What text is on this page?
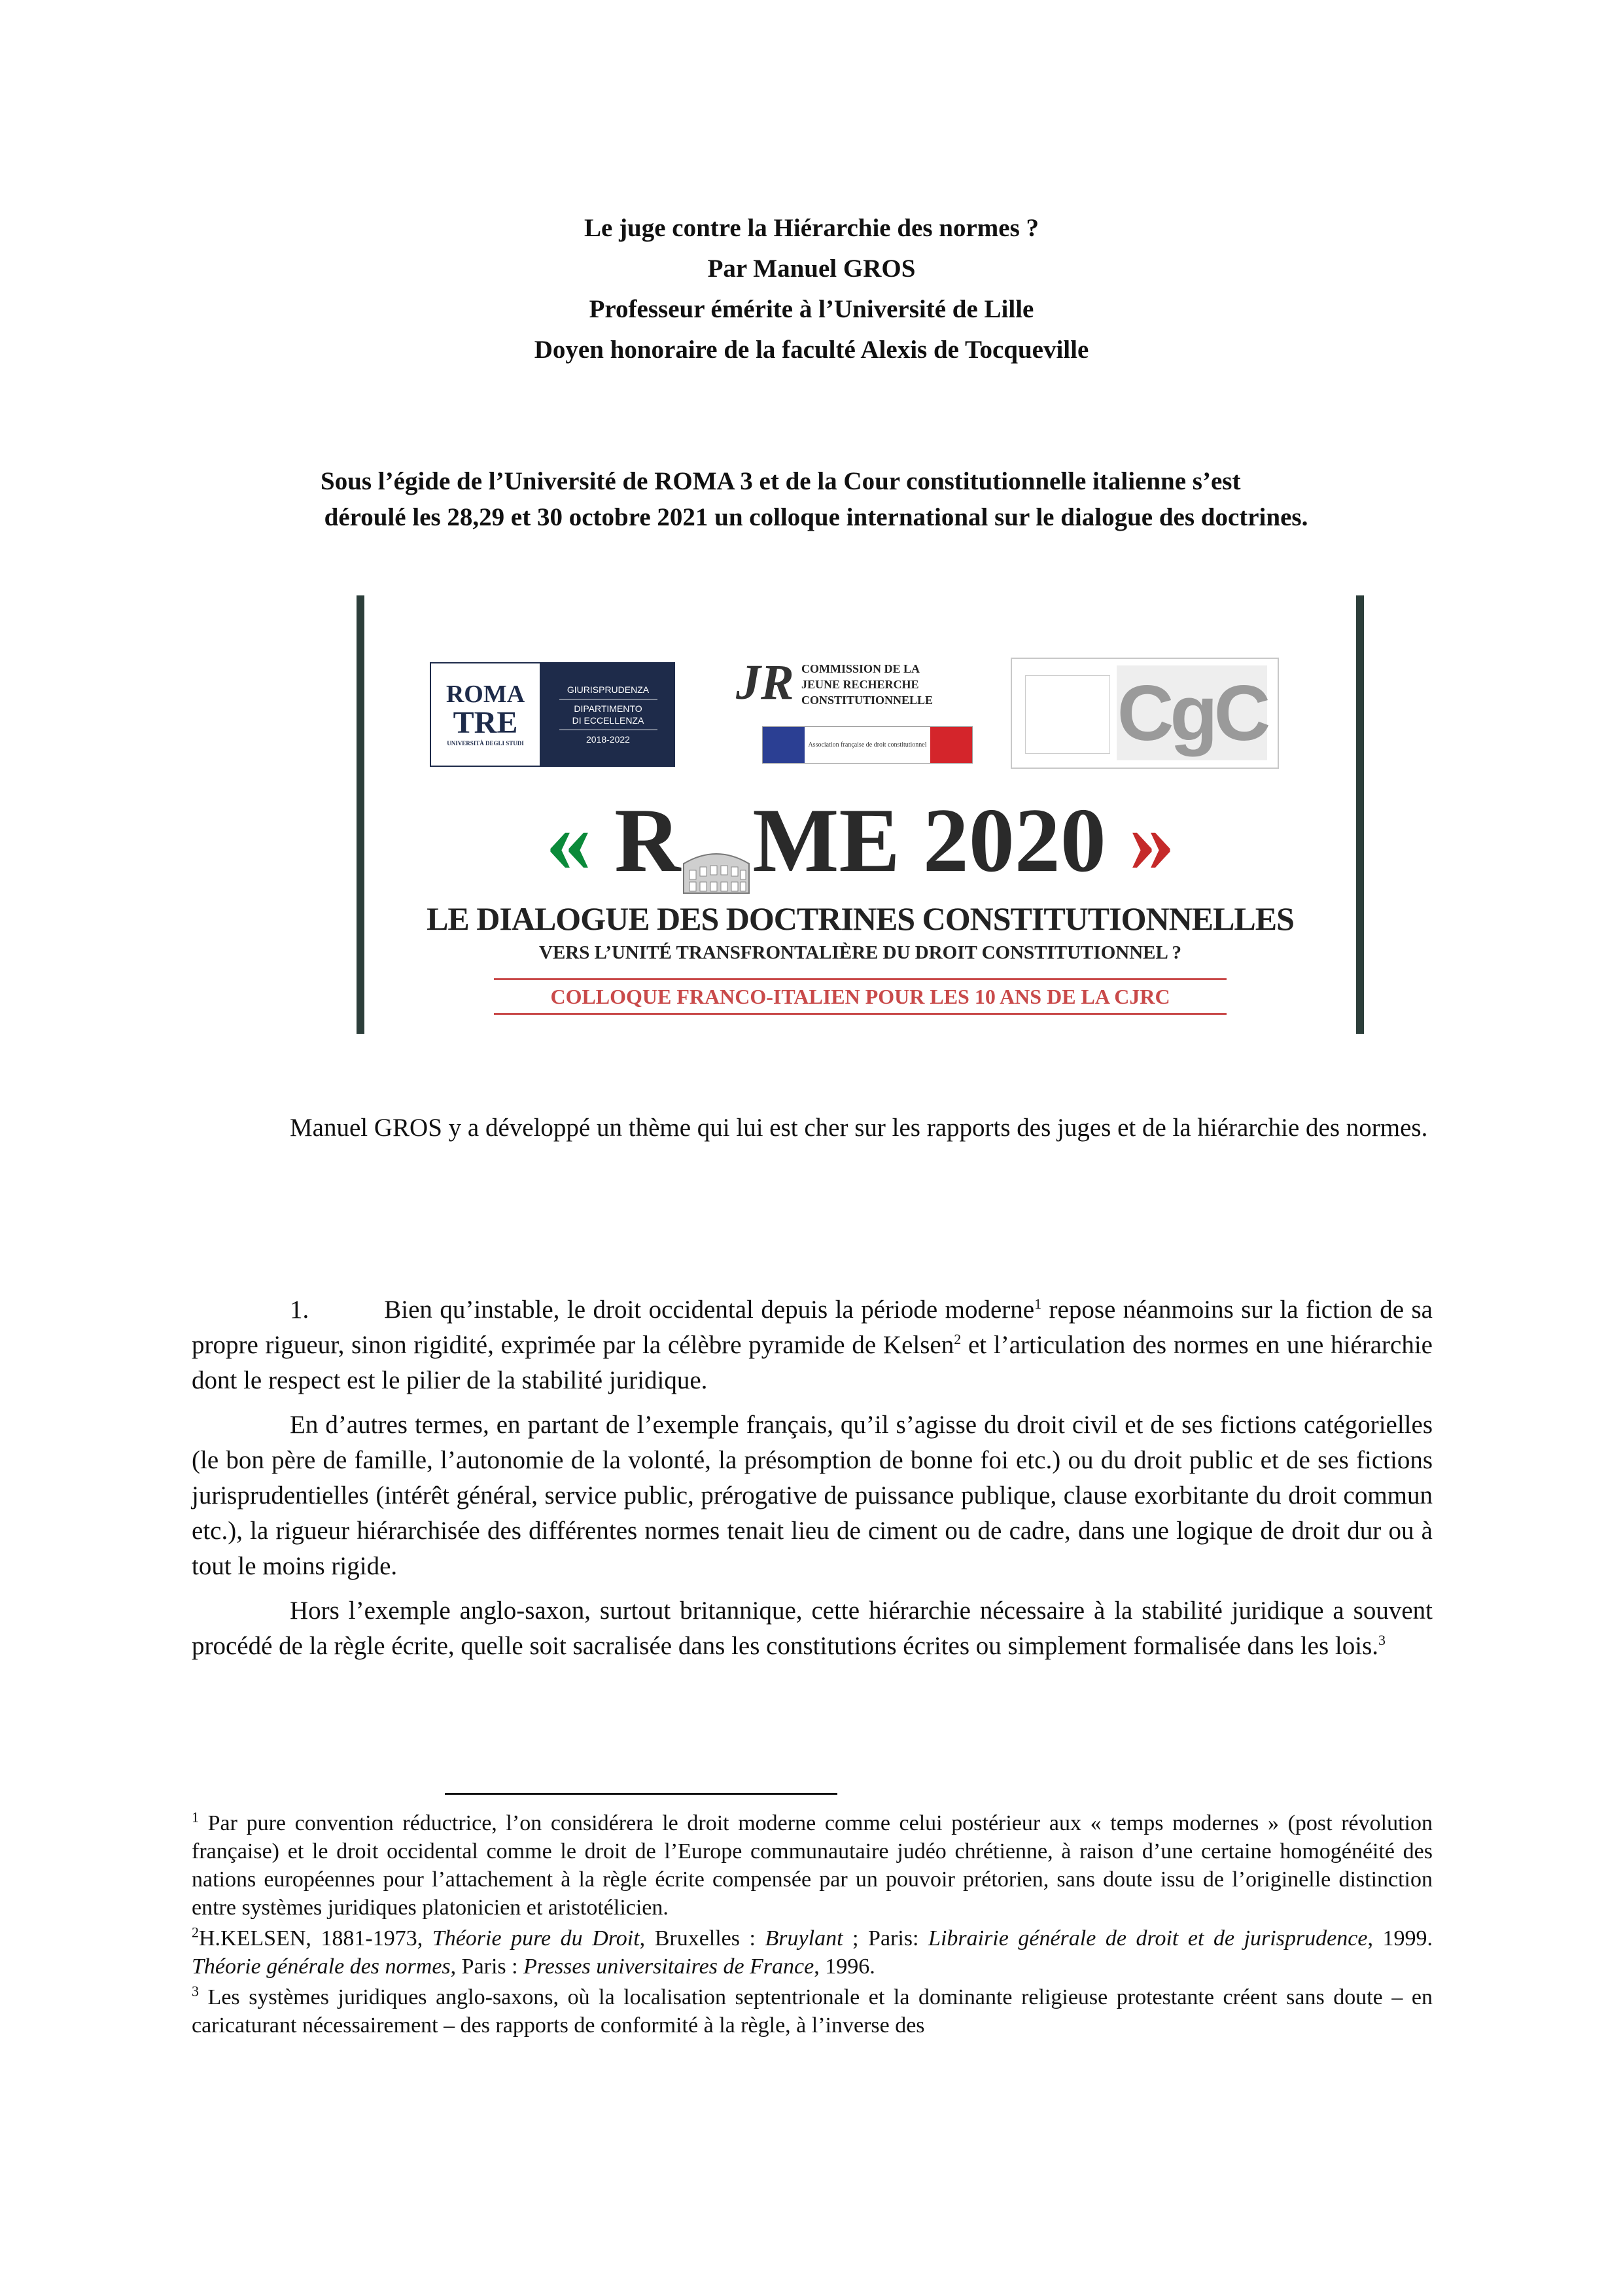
Le juge contre la Hiérarchie des normes ?
Par Manuel GROS
Professeur émérite à l’Université de Lille
Doyen honoraire de la faculté Alexis de Tocqueville

Sous l’égide de l’Université de ROMA 3 et de la Cour constitutionnelle italienne s’est

déroulé les 28,29 et 30 octobre 2021 un colloque international sur le dialogue des doctrines.
ROMA
TRE
UNIVERSITÀ DEGLI STUDI
GIURISPRUDENZA
DIPARTIMENTO
DI ECCELLENZA
2018-2022
JR COMMISSION DE LA
JEUNE RECHERCHE
CONSTITUTIONNELLE
Association française de droit constitutionnel CgC
« R ME 2020 »
LE DIALOGUE DES DOCTRINES CONSTITUTIONNELLES
VERS L’UNITÉ TRANSFRONTALIÈRE DU DROIT CONSTITUTIONNEL ?
COLLOQUE FRANCO-ITALIEN POUR LES 10 ANS DE LA CJRC

Manuel GROS y a développé un thème qui lui est cher sur les rapports des juges et de la hiérarchie des normes.

1.	Bien qu’instable, le droit occidental depuis la période moderne$^1$ repose néanmoins sur la fiction de sa propre rigueur, sinon rigidité, exprimée par la célèbre pyramide de Kelsen$^2$ et l’articulation des normes en une hiérarchie dont le respect est le pilier de la stabilité juridique.

En d’autres termes, en partant de l’exemple français, qu’il s’agisse du droit civil et de ses fictions catégorielles (le bon père de famille, l’autonomie de la volonté, la présomption de bonne foi etc.) ou du droit public et de ses fictions jurisprudentielles (intérêt général, service public, prérogative de puissance publique, clause exorbitante du droit commun etc.), la rigueur hiérarchisée des différentes normes tenait lieu de ciment ou de cadre, dans une logique de droit dur ou à tout le moins rigide.

Hors l’exemple anglo-saxon, surtout britannique, cette hiérarchie nécessaire à la stabilité juridique a souvent procédé de la règle écrite, quelle soit sacralisée dans les constitutions écrites ou simplement formalisée dans les lois.$^3$

$^1$ Par pure convention réductrice, l’on considérera le droit moderne comme celui postérieur aux « temps modernes » (post révolution française) et le droit occidental comme le droit de l’Europe communautaire judéo chrétienne, à raison d’une certaine homogénéité des nations européennes pour l’attachement à la règle écrite compensée par un pouvoir prétorien, sans doute issu de l’originelle distinction entre systèmes juridiques platonicien et aristotélicien.

$^2$H.KELSEN, 1881-1973, Théorie pure du Droit, Bruxelles : Bruylant ; Paris: Librairie générale de droit et de jurisprudence, 1999. Théorie générale des normes, Paris : Presses universitaires de France, 1996.

$^3$ Les systèmes juridiques anglo-saxons, où la localisation septentrionale et la dominante religieuse protestante créent sans doute – en caricaturant nécessairement – des rapports de conformité à la règle, à l’inverse des
